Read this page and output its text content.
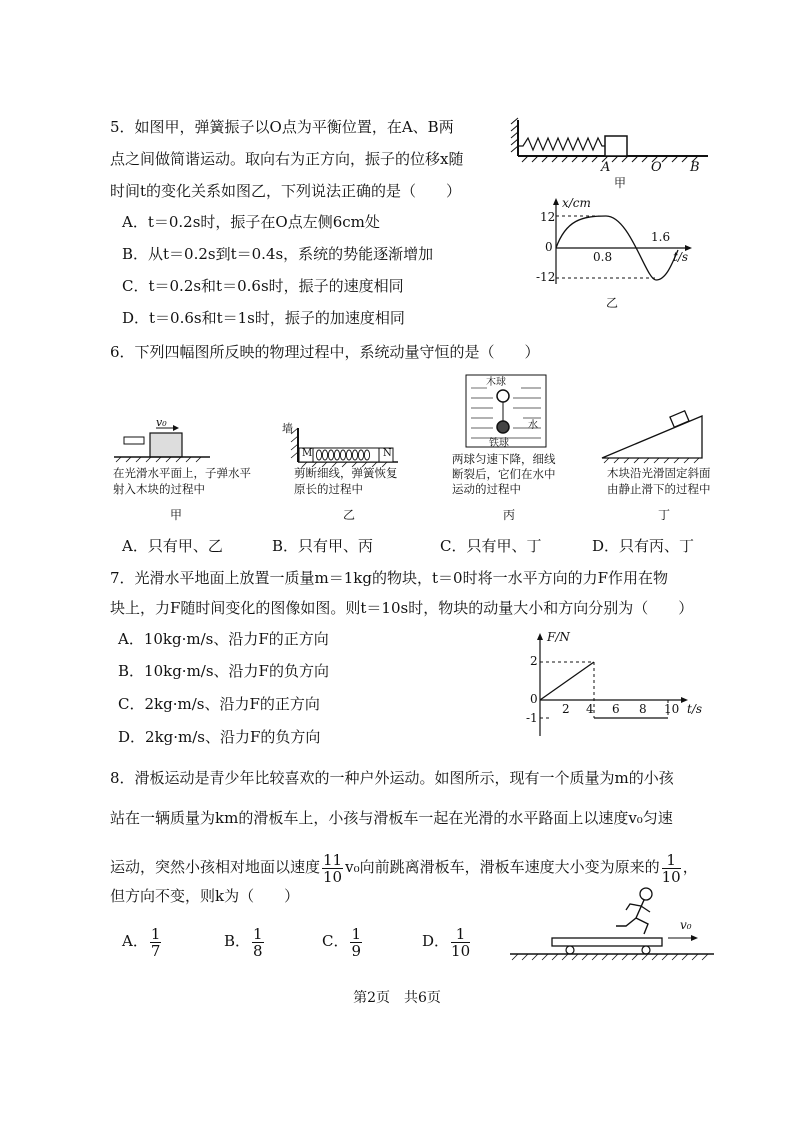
5．如图甲，弹簧振子以O点为平衡位置，在A、B两
点之间做简谐运动。取向右为正方向，振子的位移x随
时间t的变化关系如图乙，下列说法正确的是（　　）
A．t＝0.2s时，振子在O点左侧6cm处
B．从t＝0.2s到t＝0.4s，系统的势能逐渐增加
C．t＝0.2s和t＝0.6s时，振子的速度相同
D．t＝0.6s和t＝1s时，振子的加速度相同
A	O B
甲
x/cm
12
0
-12
0.8
1.6
t/s
乙
6．下列四幅图所反映的物理过程中，系统动量守恒的是（　　）
v₀
在光滑水平面上，子弹水平
射入木块的过程中
甲
墙
M	N
剪断细线，弹簧恢复
原长的过程中
乙
木球
水
铁球
两球匀速下降，细线
断裂后，它们在水中
运动的过程中
丙
木块沿光滑固定斜面
由静止滑下的过程中
丁
A．只有甲、乙	B．只有甲、丙	C．只有甲、丁	D．只有丙、丁
7．光滑水平地面上放置一质量m＝1kg的物块，t＝0时将一水平方向的力F作用在物
块上，力F随时间变化的图像如图。则t＝10s时，物块的动量大小和方向分别为（　　）
A．10kg·m/s、沿力F的正方向
B．10kg·m/s、沿力F的负方向
C．2kg·m/s、沿力F的正方向
D．2kg·m/s、沿力F的负方向
F/N
2
0
-1
2 4 6 8 10 t/s
8．滑板运动是青少年比较喜欢的一种户外运动。如图所示，现有一个质量为m的小孩
站在一辆质量为km的滑板车上，小孩与滑板车一起在光滑的水平路面上以速度v₀匀速
运动，突然小孩相对地面以速度 $\frac{11}{10} v_0$向前跳离滑板车，滑板车速度大小变为原来的 $\frac{1}{10}$ ，
但方向不变，则k为（　　）
A． $\frac{1}{7}$	B． $\frac{1}{8}$	C． $\frac{1}{9}$	D． $\frac{1}{10}$
v₀
第2页　共6页
